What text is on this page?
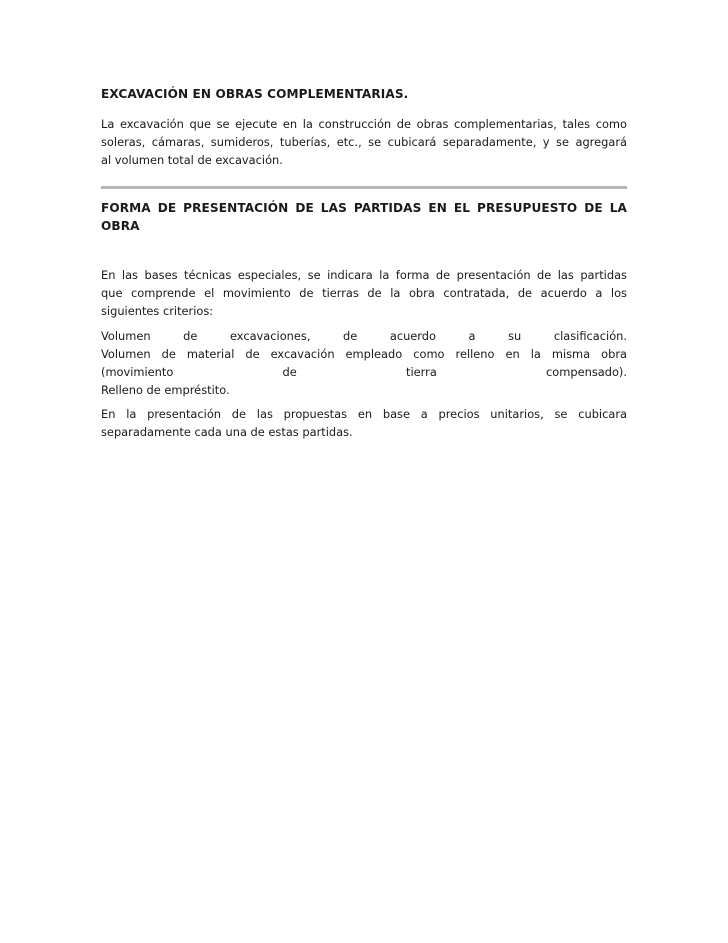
EXCAVACIÓN EN OBRAS COMPLEMENTARIAS.

La excavación que se ejecute en la construcción de obras complementarias, tales como
soleras, cámaras, sumideros, tuberías, etc., se cubicará separadamente, y se agregará
al volumen total de excavación.

FORMA DE PRESENTACIÓN DE LAS PARTIDAS EN EL PRESUPUESTO DE LA
OBRA

En las bases técnicas especiales, se indicara la forma de presentación de las partidas
que comprende el movimiento de tierras de la obra contratada, de acuerdo a los
siguientes criterios:

Volumen de excavaciones, de acuerdo a su clasificación.
Volumen de material de excavación empleado como relleno en la misma obra
(movimiento de tierra compensado).
Relleno de empréstito.

En la presentación de las propuestas en base a precios unitarios, se cubicara
separadamente cada una de estas partidas.
